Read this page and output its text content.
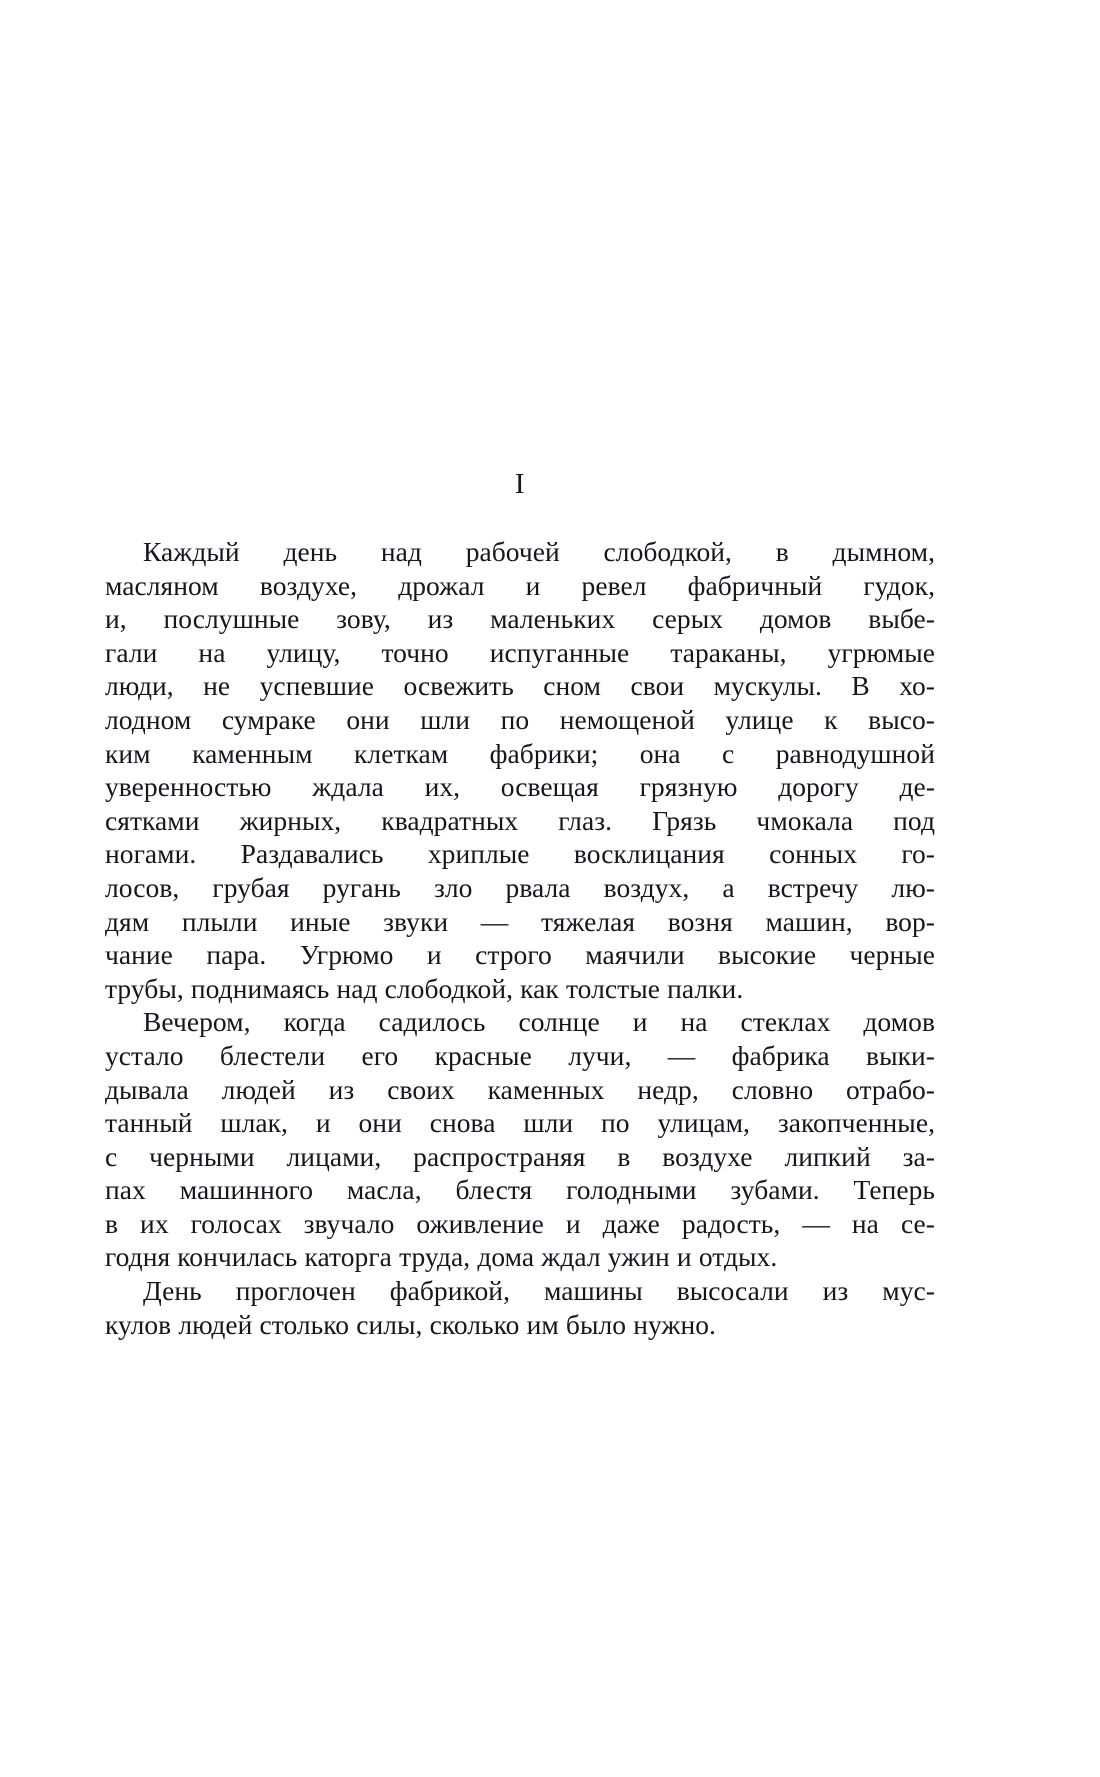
I
Каждый день над рабочей слободкой, в дымном,
масляном воздухе, дрожал и ревел фабричный гудок,
и, послушные зову, из маленьких серых домов выбе-
гали на улицу, точно испуганные тараканы, угрюмые
люди, не успевшие освежить сном свои мускулы. В хо-
лодном сумраке они шли по немощеной улице к высо-
ким каменным клеткам фабрики; она с равнодушной
уверенностью ждала их, освещая грязную дорогу де-
сятками жирных, квадратных глаз. Грязь чмокала под
ногами. Раздавались хриплые восклицания сонных го-
лосов, грубая ругань зло рвала воздух, а встречу лю-
дям плыли иные звуки — тяжелая возня машин, вор-
чание пара. Угрюмо и строго маячили высокие черные
трубы, поднимаясь над слободкой, как толстые палки.
Вечером, когда садилось солнце и на стеклах домов
устало блестели его красные лучи, — фабрика выки-
дывала людей из своих каменных недр, словно отрабо-
танный шлак, и они снова шли по улицам, закопченные,
с черными лицами, распространяя в воздухе липкий за-
пах машинного масла, блестя голодными зубами. Теперь
в их голосах звучало оживление и даже радость, — на се-
годня кончилась каторга труда, дома ждал ужин и отдых.
День проглочен фабрикой, машины высосали из мус-
кулов людей столько силы, сколько им было нужно.
